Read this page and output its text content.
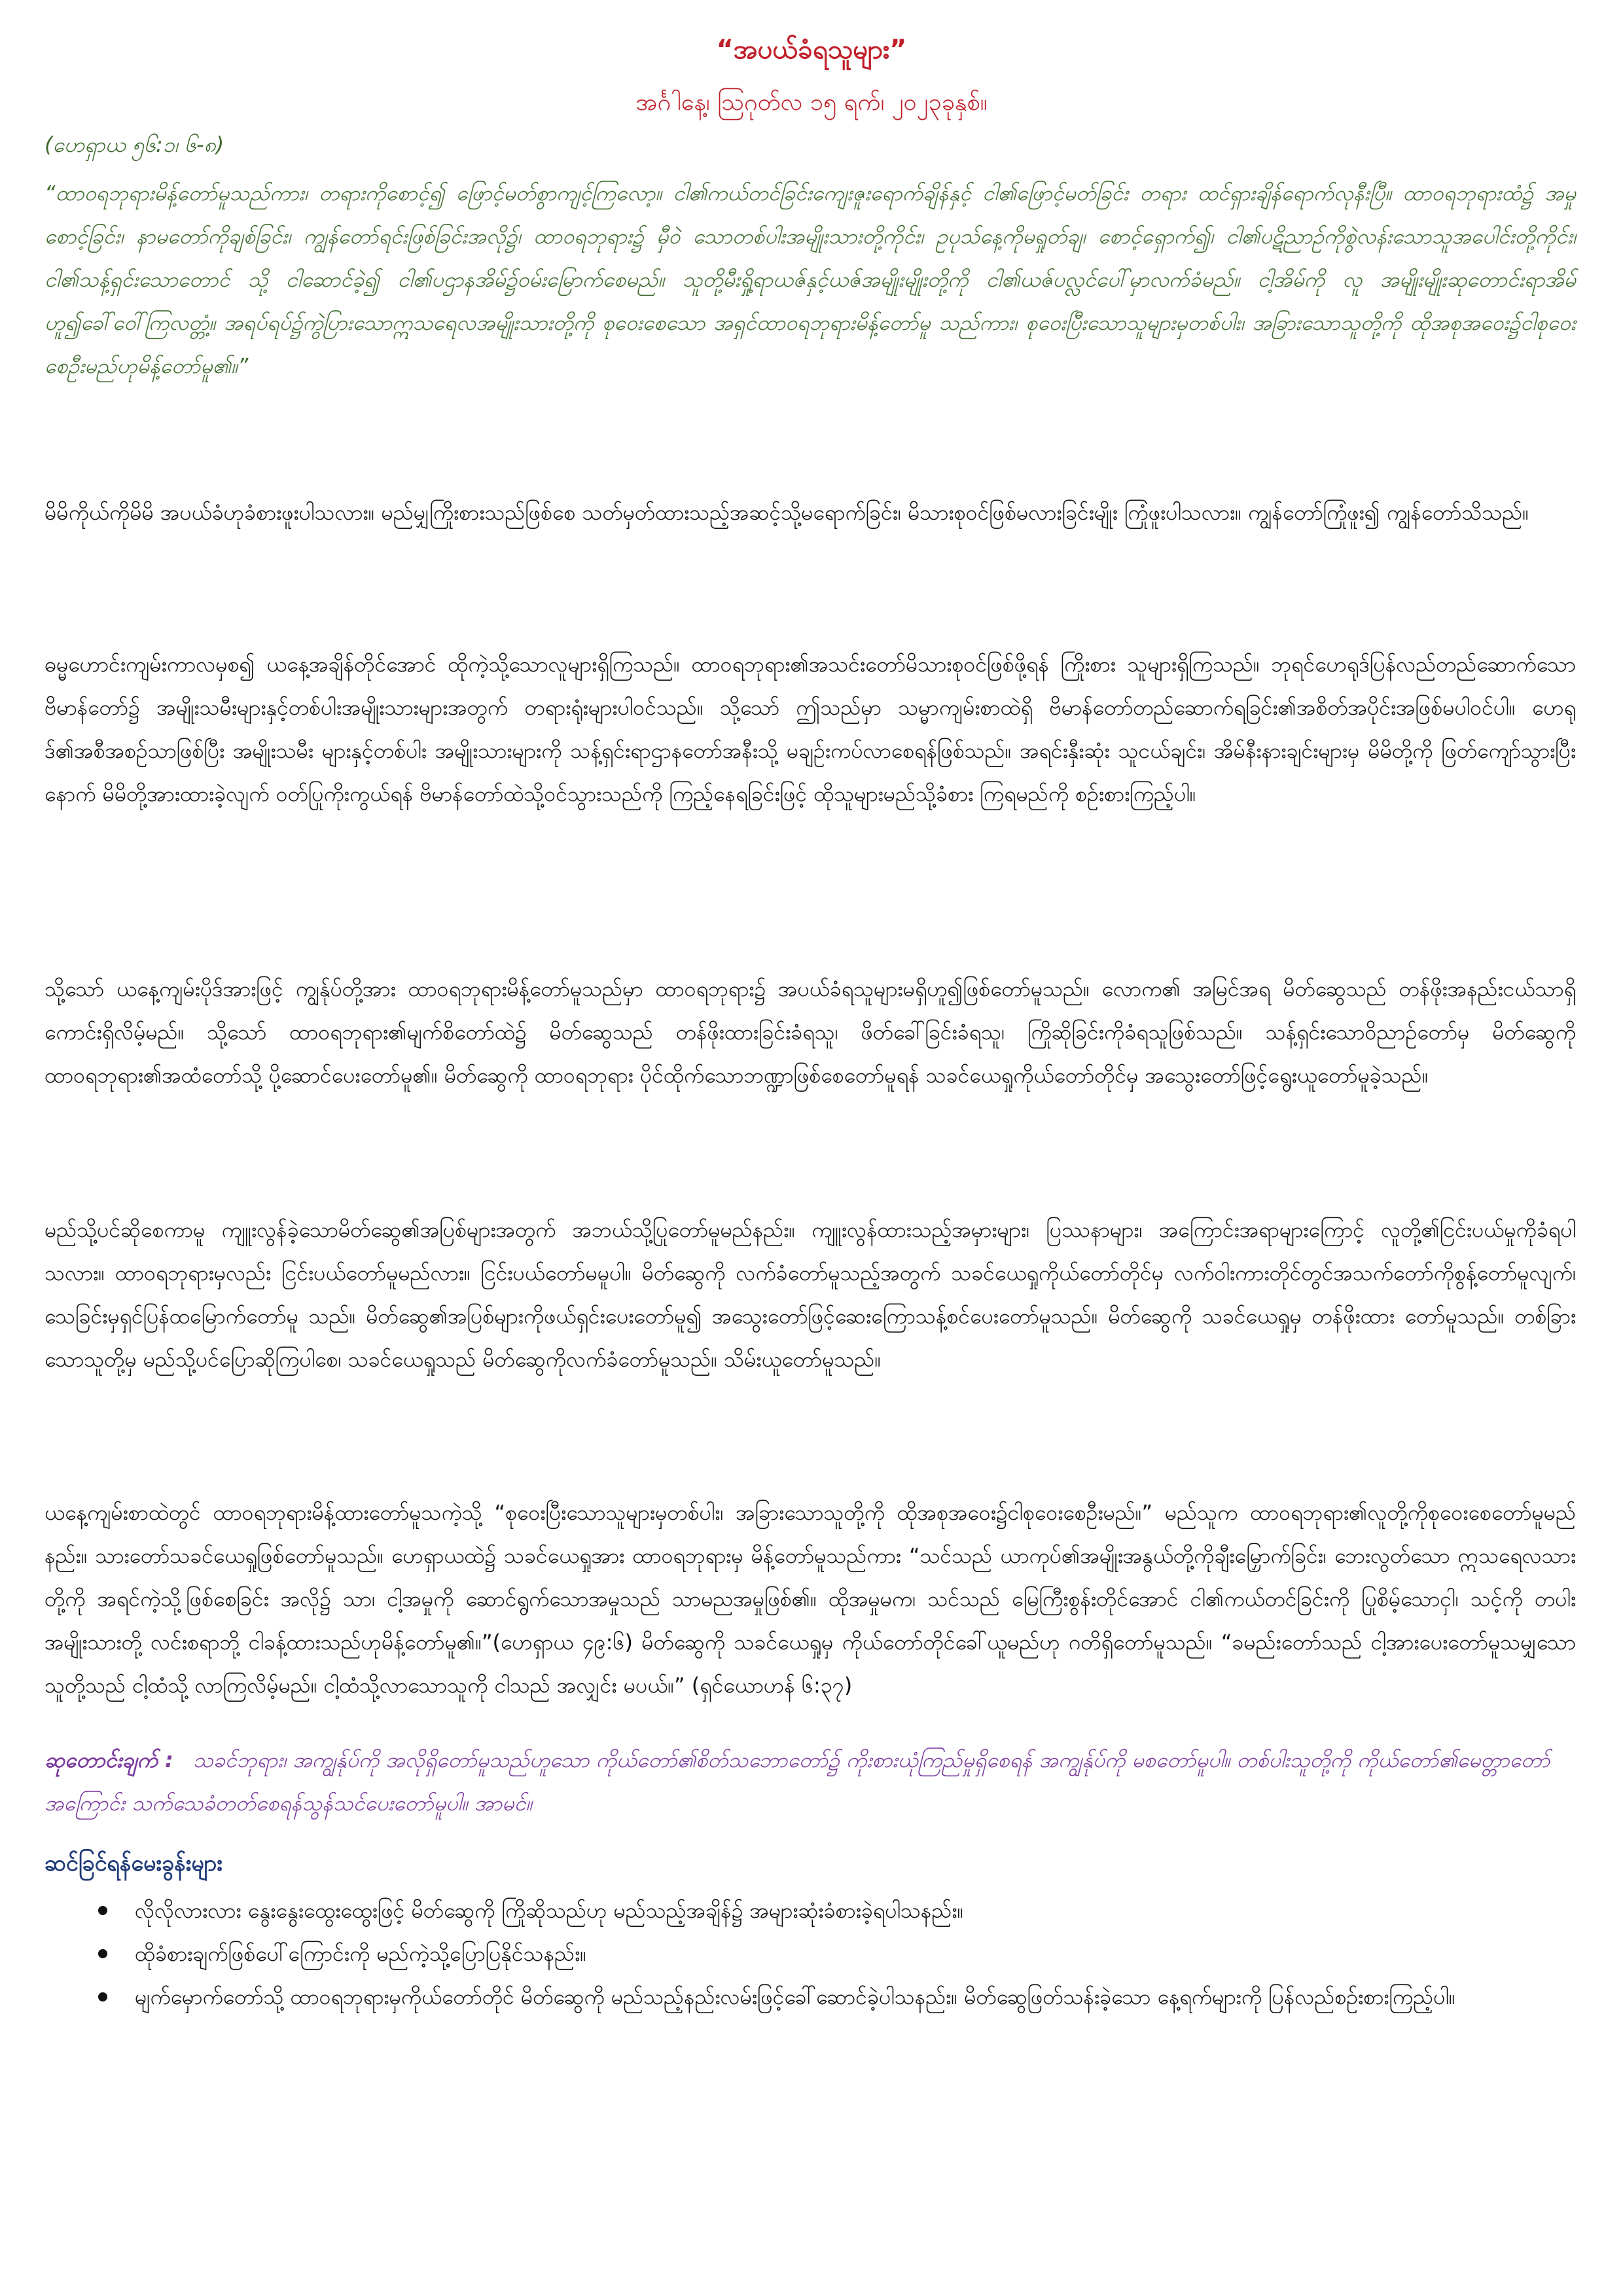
“အပယ်ခံရသူများ”
အင်္ဂါနေ့၊ ဩဂုတ်လ ၁၅ ရက်၊ ၂၀၂၃ခုနှစ်။
(ဟေရှာယ ၅၆:၁၊ ၆-၈)
“ထာဝရဘုရားမိန့်တော်မူသည်ကား၊ တရားကိုစောင့်၍ ဖြောင့်မတ်စွာကျင့်ကြလော့။ ငါ၏ကယ်တင်ခြင်းကျေးဇူးရောက်ချိန်နှင့် ငါ၏ဖြောင့်မတ်ခြင်း တရား ထင်ရှားချိန်ရောက်လုနီးပြီ။ ထာဝရဘုရားထံ၌ အမှုစောင့်ခြင်း၊ နာမတော်ကိုချစ်ခြင်း၊ ကျွန်တော်ရင်းဖြစ်ခြင်းအလို၌၊ ထာဝရဘုရား၌ မှီဝဲ သောတစ်ပါးအမျိုးသားတို့ကိုင်း၊ ဥပုသ်နေ့ကိုမရှုတ်ချ၊ စောင့်ရှောက်၍၊ ငါ၏ပဋိညာဉ်ကိုစွဲလန်းသောသူအပေါင်းတို့ကိုင်း၊ ငါ၏သန့်ရှင်းသောတောင် သို့ ငါဆောင်ခဲ့၍ ငါ၏ပဌာနအိမ်၌ဝမ်းမြောက်စေမည်။ သူတို့မီးရှို့ရာယဇ်နှင့်ယဇ်အမျိုးမျိုးတို့ကို ငါ၏ယဇ်ပလ္လင်ပေါ်မှာလက်ခံမည်။ ငါ့အိမ်ကို လူ အမျိုးမျိုးဆုတောင်းရာအိမ်ဟူ၍ခေါ်ဝေါ်ကြလတ္တံ့။ အရပ်ရပ်၌ကွဲပြားသောဣသရေလအမျိုးသားတို့ကို စုဝေးစေသော အရှင်ထာဝရဘုရားမိန့်တော်မူ သည်ကား၊ စုဝေးပြီးသောသူများမှတစ်ပါး၊ အခြားသောသူတို့ကို ထိုအစုအဝေး၌ငါစုဝေးစေဦးမည်ဟုမိန့်တော်မူ၏။”
မိမိကိုယ်ကိုမိမိ အပယ်ခံဟုခံစားဖူးပါသလား။ မည်မျှကြိုးစားသည်ဖြစ်စေ သတ်မှတ်ထားသည့်အဆင့်သို့မရောက်ခြင်း၊ မိသားစုဝင်ဖြစ်မလားခြင်းမျိုး ကြုံဖူးပါသလား။ ကျွန်တော်ကြုံဖူး၍ ကျွန်တော်သိသည်။
ဓမ္မဟောင်းကျမ်းကာလမှစ၍ ယနေ့အချိန်တိုင်အောင် ထိုကဲ့သို့သောလူများရှိကြသည်။ ထာဝရဘုရား၏အသင်းတော်မိသားစုဝင်ဖြစ်ဖို့ရန် ကြိုးစား သူများရှိကြသည်။ ဘုရင်ဟေရုဒ်ပြန်လည်တည်ဆောက်သောဗိမာန်တော်၌ အမျိုးသမီးများနှင့်တစ်ပါးအမျိုးသားများအတွက် တရားရုံးများပါဝင်သည်။ သို့သော် ဤသည်မှာ သမ္မာကျမ်းစာထဲရှိ ဗိမာန်တော်တည်ဆောက်ရခြင်း၏အစိတ်အပိုင်းအဖြစ်မပါဝင်ပါ။ ဟေရုဒ်၏အစီအစဉ်သာဖြစ်ပြီး အမျိုးသမီး များနှင့်တစ်ပါး အမျိုးသားများကို သန့်ရှင်းရာဌာနတော်အနီးသို့ မချဉ်းကပ်လာစေရန်ဖြစ်သည်။ အရင်းနှီးဆုံး သူငယ်ချင်း၊ အိမ်နီးနားချင်းများမှ မိမိတို့ကို ဖြတ်ကျော်သွားပြီးနောက် မိမိတို့အားထားခဲ့လျက် ဝတ်ပြုကိုးကွယ်ရန် ဗိမာန်တော်ထဲသို့ဝင်သွားသည်ကို ကြည့်နေရခြင်းဖြင့် ထိုသူများမည်သို့ခံစား ကြရမည်ကို စဉ်းစားကြည့်ပါ။
သို့သော် ယနေ့ကျမ်းပိုဒ်အားဖြင့် ကျွန်ုပ်တို့အား ထာဝရဘုရားမိန့်တော်မူသည်မှာ ထာဝရဘုရား၌ အပယ်ခံရသူများမရှိဟူ၍ဖြစ်တော်မူသည်။ လောက၏ အမြင်အရ မိတ်ဆွေသည် တန်ဖိုးအနည်းငယ်သာရှိကောင်းရှိလိမ့်မည်။ သို့သော် ထာဝရဘုရား၏မျက်စိတော်ထဲ၌ မိတ်ဆွေသည် တန်ဖိုးထားခြင်းခံရသူ၊ ဖိတ်ခေါ်ခြင်းခံရသူ၊ ကြိုဆိုခြင်းကိုခံရသူဖြစ်သည်။ သန့်ရှင်းသောဝိညာဉ်တော်မှ မိတ်ဆွေကိုထာဝရဘုရား၏အထံတော်သို့ ပို့ဆောင်ပေးတော်မူ၏။ မိတ်ဆွေကို ထာဝရဘုရား ပိုင်ထိုက်သောဘဏ္ဍာဖြစ်စေတော်မူရန် သခင်ယေရှုကိုယ်တော်တိုင်မှ အသွေးတော်ဖြင့်ရွေးယူတော်မူခဲ့သည်။
မည်သို့ပင်ဆိုစေကာမူ ကျူးလွန်ခဲ့သောမိတ်ဆွေ၏အပြစ်များအတွက် အဘယ်သို့ပြုတော်မူမည်နည်း။ ကျူးလွန်ထားသည့်အမှားများ၊ ပြဿနာများ၊ အကြောင်းအရာများကြောင့် လူတို့၏ငြင်းပယ်မှုကိုခံရပါသလား။ ထာဝရဘုရားမှလည်း ငြင်းပယ်တော်မူမည်လား။ ငြင်းပယ်တော်မမူပါ။ မိတ်ဆွေကို လက်ခံတော်မူသည့်အတွက် သခင်ယေရှုကိုယ်တော်တိုင်မှ လက်ဝါးကားတိုင်တွင်အသက်တော်ကိုစွန့်တော်မူလျက်၊ သေခြင်းမှရှင်ပြန်ထမြောက်တော်မူ သည်။ မိတ်ဆွေ၏အပြစ်များကိုဖယ်ရှင်းပေးတော်မူ၍ အသွေးတော်ဖြင့်ဆေးကြောသန့်စင်ပေးတော်မူသည်။ မိတ်ဆွေကို သခင်ယေရှုမှ တန်ဖိုးထား တော်မူသည်။ တစ်ခြားသောသူတို့မှ မည်သို့ပင်ပြောဆိုကြပါစေ၊ သခင်ယေရှုသည် မိတ်ဆွေကိုလက်ခံတော်မူသည်။ သိမ်းယူတော်မူသည်။
ယနေ့ကျမ်းစာထဲတွင် ထာဝရဘုရားမိန့်ထားတော်မူသကဲ့သို့ “စုဝေးပြီးသောသူများမှတစ်ပါး၊ အခြားသောသူတို့ကို ထိုအစုအဝေး၌ငါစုဝေးစေဦးမည်။” မည်သူက ထာဝရဘုရား၏လူတို့ကိုစုဝေးစေတော်မူမည်နည်း။ သားတော်သခင်ယေရှုဖြစ်တော်မူသည်။ ဟေရှာယထဲ၌ သခင်ယေရှုအား ထာဝရဘုရားမှ မိန့်တော်မူသည်ကား “သင်သည် ယာကုပ်၏အမျိုးအနွယ်တို့ကိုချီးမြှောက်ခြင်း၊ ဘေးလွတ်သော ဣသရေလသားတို့ကို အရင်ကဲ့သို့ဖြစ်စေခြင်း အလို၌ သာ၊ ငါ့အမှုကို ဆောင်ရွက်သောအမှုသည် သာမညအမှုဖြစ်၏။ ထိုအမှုမက၊ သင်သည် မြေကြီးစွန်းတိုင်အောင် ငါ၏ကယ်တင်ခြင်းကို ပြုစိမ့်သောငှါ၊ သင့်ကို တပါးအမျိုးသားတို့ လင်းစရာဘို့ ငါခန့်ထားသည်ဟုမိန့်တော်မူ၏။”(ဟေရှာယ ၄၉:၆) မိတ်ဆွေကို သခင်ယေရှုမှ ကိုယ်တော်တိုင်ခေါ်ယူမည်ဟု ဂတိရှိတော်မူသည်။ “ခမည်းတော်သည် ငါ့အားပေးတော်မူသမျှသောသူတို့သည် ငါ့ထံသို့ လာကြလိမ့်မည်။ ငါ့ထံသို့လာသောသူကို ငါသည် အလျှင်း မပယ်။” (ရှင်ယောဟန် ၆:၃၇)
ဆုတောင်းချက် : သခင်ဘုရား၊ အကျွန်ုပ်ကို အလိုရှိတော်မူသည်ဟူသော ကိုယ်တော်၏စိတ်သဘောတော်၌ ကိုးစားယုံကြည်မှုရှိစေရန် အကျွန်ုပ်ကို မစတော်မူပါ။ တစ်ပါးသူတို့ကို ကိုယ်တော်၏မေတ္တာတော်အကြောင်း သက်သေခံတတ်စေရန်သွန်သင်ပေးတော်မူပါ။ အာမင်။
ဆင်ခြင်ရန်မေးခွန်းများ
လိုလိုလားလား နွေးနွေးထွေးထွေးဖြင့် မိတ်ဆွေကို ကြိုဆိုသည်ဟု မည်သည့်အချိန်၌ အများဆုံးခံစားခဲ့ရပါသနည်း။
ထိုခံစားချက်ဖြစ်ပေါ်ကြောင်းကို မည်ကဲ့သို့ပြောပြနိုင်သနည်း။
မျက်မှောက်တော်သို့ ထာဝရဘုရားမှကိုယ်တော်တိုင် မိတ်ဆွေကို မည်သည့်နည်းလမ်းဖြင့်ခေါ်ဆောင်ခဲ့ပါသနည်း။ မိတ်ဆွေဖြတ်သန်းခဲ့သော နေ့ရက်များကို ပြန်လည်စဉ်းစားကြည့်ပါ။
